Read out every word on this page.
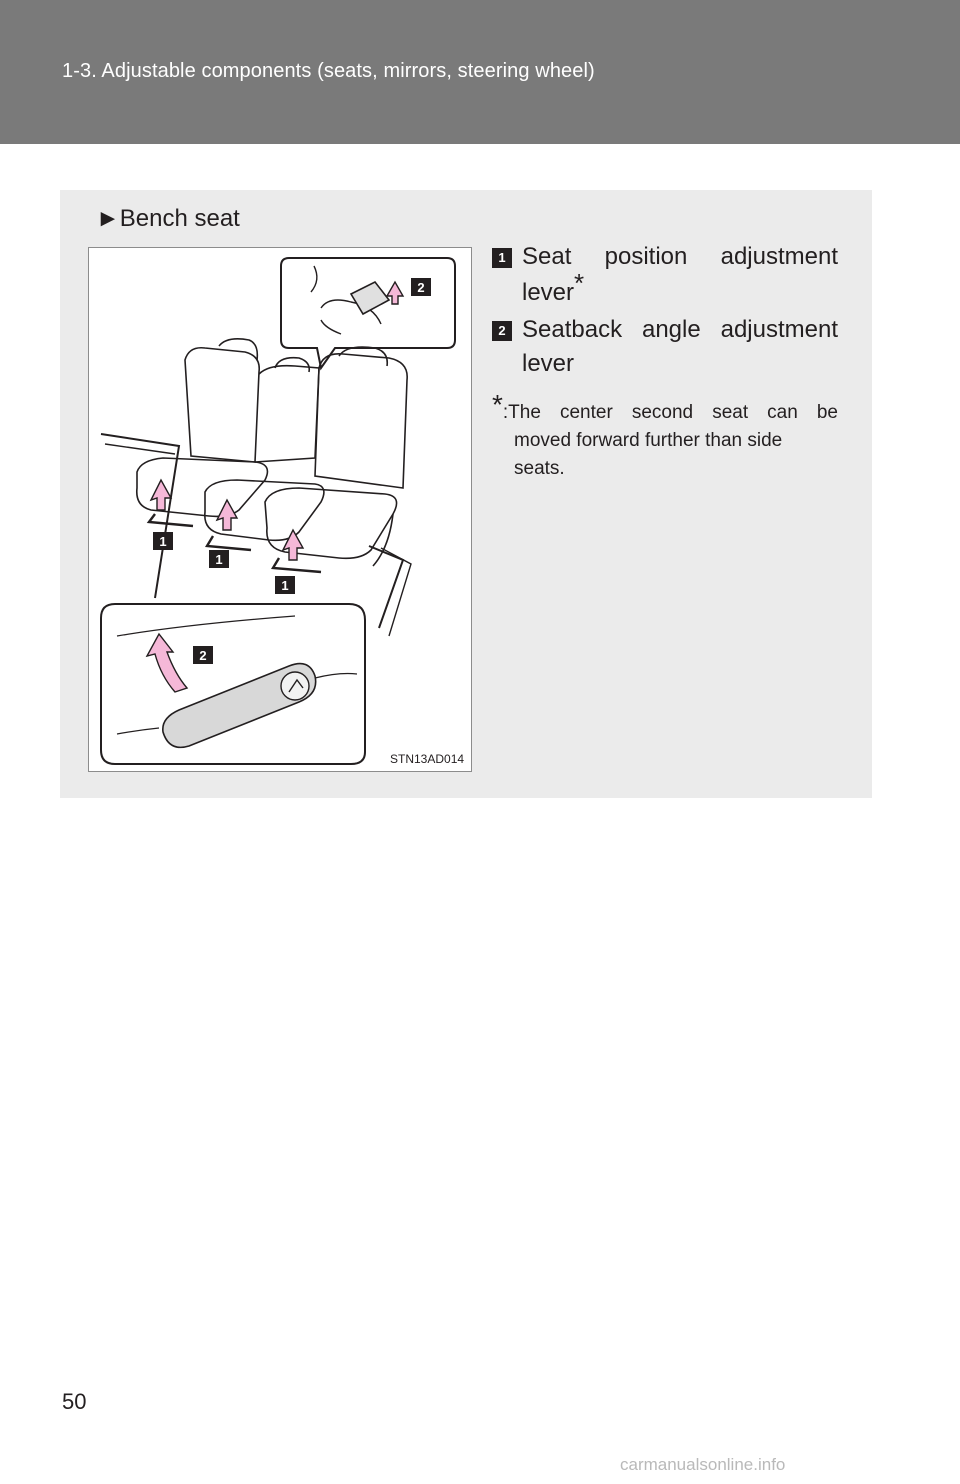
1-3. Adjustable components (seats, mirrors, steering wheel)
►Bench seat
2
1
1
1
2
STN13AD014
1 Seat position adjustment lever*
2 Seatback angle adjustment lever
*:The center second seat can be
moved forward further than side
seats.
50
carmanualsonline.info
